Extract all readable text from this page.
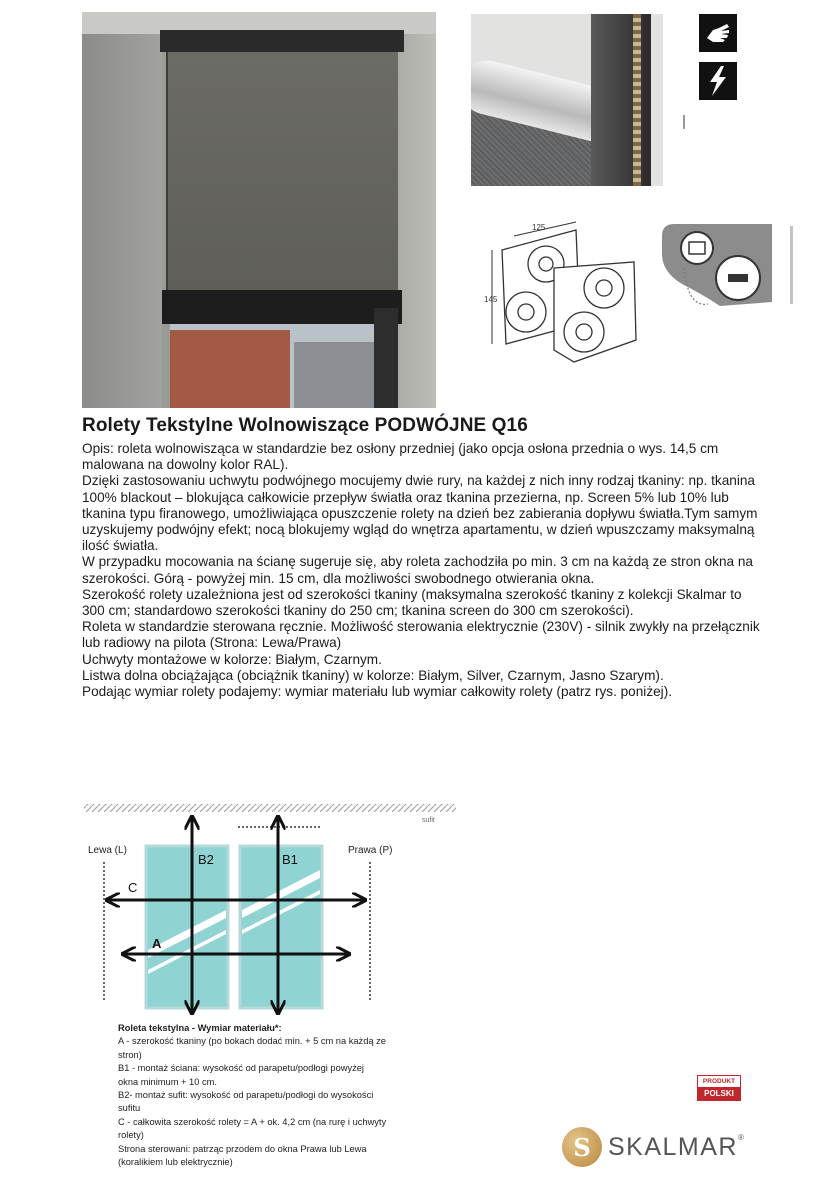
125
145
Rolety Tekstylne Wolnowiszące PODWÓJNE Q16

Opis: roleta wolnowisząca w standardzie bez osłony przedniej (jako opcja osłona przednia o wys. 14,5 cm malowana na dowolny kolor RAL).

Dzięki zastosowaniu uchwytu podwójnego mocujemy dwie rury, na każdej z nich inny rodzaj tkaniny: np. tkanina 100% blackout – blokująca całkowicie przepływ światła oraz tkanina przezierna, np. Screen 5% lub 10% lub tkanina typu firanowego, umożliwiająca opuszczenie rolety na dzień bez zabierania dopływu światła.Tym samym uzyskujemy podwójny efekt; nocą blokujemy wgląd do wnętrza apartamentu, w dzień wpuszczamy maksymalną ilość światła.

W przypadku mocowania na ścianę sugeruje się, aby roleta zachodziła po min. 3 cm na każdą ze stron okna na szerokości. Górą - powyżej min. 15 cm, dla możliwości swobodnego otwierania okna.

Szerokość rolety uzależniona jest od szerokości tkaniny (maksymalna szerokość tkaniny z kolekcji Skalmar to 300 cm; standardowo szerokości tkaniny do 250 cm; tkanina screen do 300 cm szerokości).

Roleta w standardzie sterowana ręcznie. Możliwość sterowania elektrycznie (230V) - silnik zwykły na przełącznik lub radiowy na pilota (Strona: Lewa/Prawa)

Uchwyty montażowe w kolorze: Białym, Czarnym.

Listwa dolna obciążająca (obciążnik tkaniny) w kolorze: Białym, Silver, Czarnym, Jasno Szarym).

Podając wymiar rolety podajemy: wymiar materiału lub wymiar całkowity rolety (patrz rys. poniżej).

sufit
Lewa (L)	Prawa (P)
B2	B1
C
A
Roleta tekstylna - Wymiar materiału*:
A - szerokość tkaniny (po bokach dodać min. + 5 cm na każdą ze
stron)
B1 - montaż ściana: wysokość od parapetu/podłogi powyżej
okna minimum + 10 cm.
B2- montaż sufit: wysokość od parapetu/podłogi do wysokości
sufitu
C - całkowita szerokość rolety = A + ok. 4,2 cm (na rurę i uchwyty
rolety)
Strona sterowani: patrząc przodem do okna Prawa lub Lewa
(koralikiem lub elektrycznie)
PRODUKT
POLSKI
S SKALMAR®
